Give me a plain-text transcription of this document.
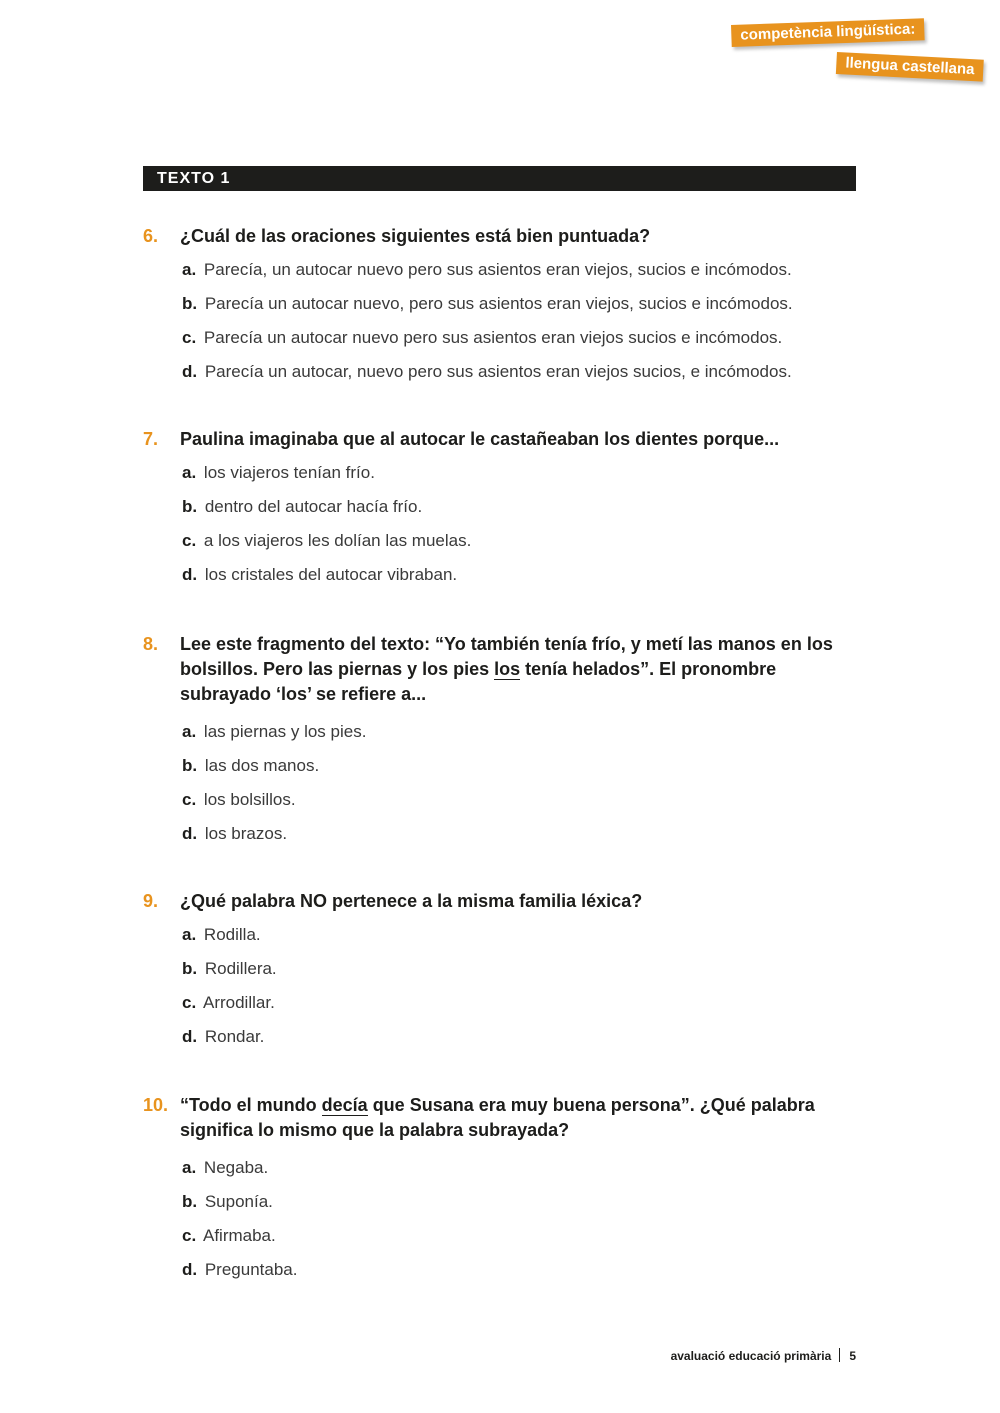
competència lingüística:
llengua castellana
TEXTO 1
6. ¿Cuál de las oraciones siguientes está bien puntuada?
a. Parecía, un autocar nuevo pero sus asientos eran viejos, sucios e incómodos.
b. Parecía un autocar nuevo, pero sus asientos eran viejos, sucios e incómodos.
c. Parecía un autocar nuevo pero sus asientos eran viejos sucios e incómodos.
d. Parecía un autocar, nuevo pero sus asientos eran viejos sucios, e incómodos.
7. Paulina imaginaba que al autocar le castañeaban los dientes porque...
a. los viajeros tenían frío.
b. dentro del autocar hacía frío.
c. a los viajeros les dolían las muelas.
d. los cristales del autocar vibraban.
8. Lee este fragmento del texto: “Yo también tenía frío, y metí las manos en los bolsillos. Pero las piernas y los pies los tenía helados”. El pronombre subrayado ‘los’ se refiere a...
a. las piernas y los pies.
b. las dos manos.
c. los bolsillos.
d. los brazos.
9. ¿Qué palabra NO pertenece a la misma familia léxica?
a. Rodilla.
b. Rodillera.
c. Arrodillar.
d. Rondar.
10. “Todo el mundo decía que Susana era muy buena persona”. ¿Qué palabra significa lo mismo que la palabra subrayada?
a. Negaba.
b. Suponía.
c. Afirmaba.
d. Preguntaba.
avaluació educació primària 5
